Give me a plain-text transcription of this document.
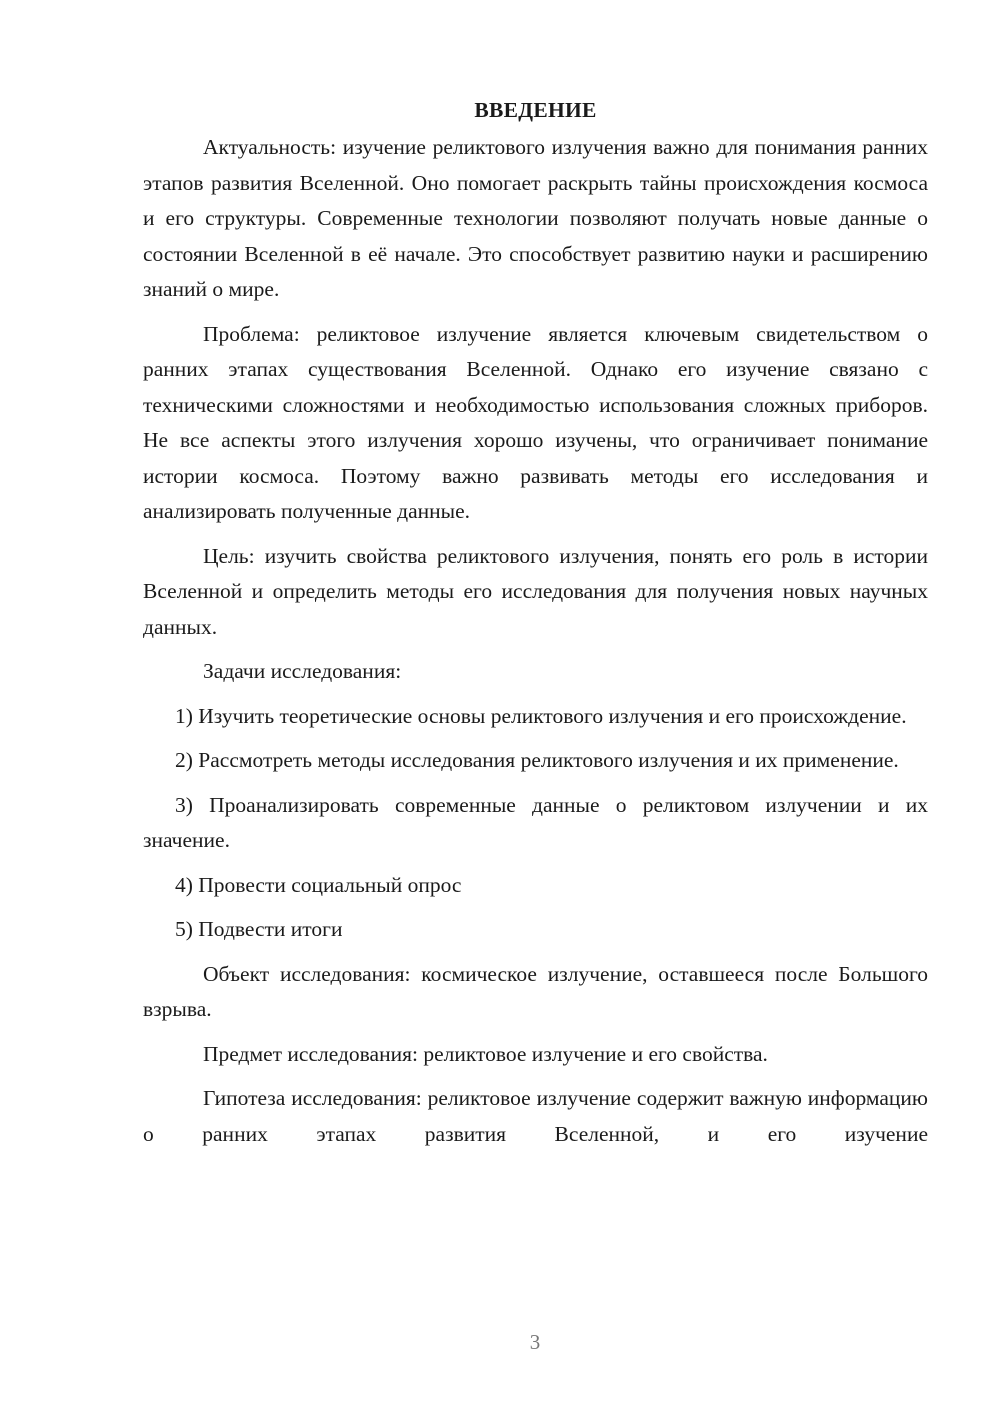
ВВЕДЕНИЕ

Актуальность: изучение реликтового излучения важно для понимания ранних этапов развития Вселенной. Оно помогает раскрыть тайны происхождения космоса и его структуры. Современные технологии позволяют получать новые данные о состоянии Вселенной в её начале. Это способствует развитию науки и расширению знаний о мире.

Проблема: реликтовое излучение является ключевым свидетельством о ранних этапах существования Вселенной. Однако его изучение связано с техническими сложностями и необходимостью использования сложных приборов. Не все аспекты этого излучения хорошо изучены, что ограничивает понимание истории космоса. Поэтому важно развивать методы его исследования и анализировать полученные данные.

Цель: изучить свойства реликтового излучения, понять его роль в истории Вселенной и определить методы его исследования для получения новых научных данных.

Задачи исследования:

1) Изучить теоретические основы реликтового излучения и его происхождение.

2) Рассмотреть методы исследования реликтового излучения и их применение.

3) Проанализировать современные данные о реликтовом излучении и их значение.

4) Провести социальный опрос

5) Подвести итоги

Объект исследования: космическое излучение, оставшееся после Большого взрыва.

Предмет исследования: реликтовое излучение и его свойства.

Гипотеза исследования: реликтовое излучение содержит важную информацию о ранних этапах развития Вселенной, и его изучение

3
